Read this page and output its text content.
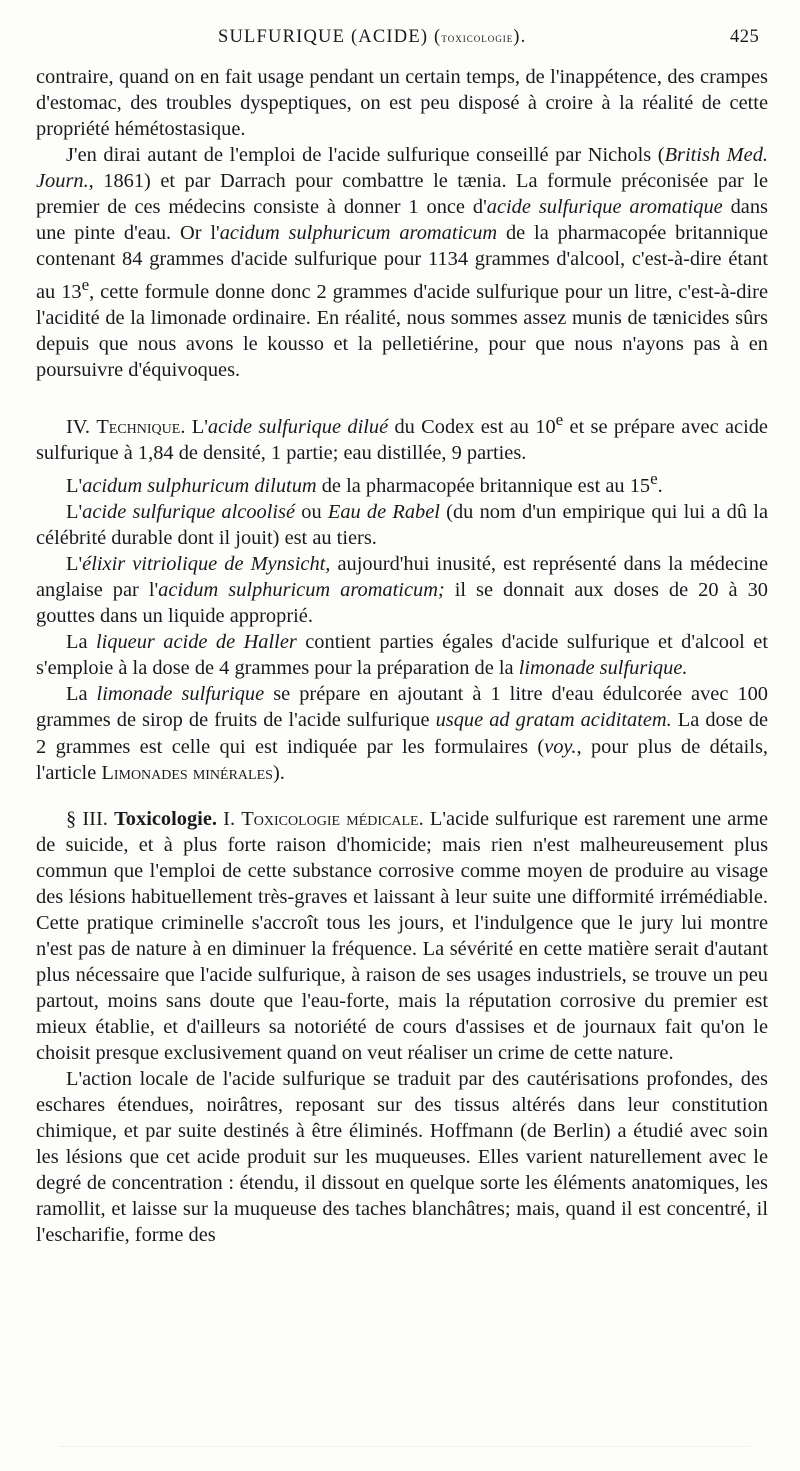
SULFURIQUE (ACIDE) (toxicologie).	425

contraire, quand on en fait usage pendant un certain temps, de l'inappétence, des crampes d'estomac, des troubles dyspeptiques, on est peu disposé à croire à la réalité de cette propriété hémétostasique.

J'en dirai autant de l'emploi de l'acide sulfurique conseillé par Nichols (British Med. Journ., 1861) et par Darrach pour combattre le tænia. La formule préconisée par le premier de ces médecins consiste à donner 1 once d'acide sulfurique aromatique dans une pinte d'eau. Or l'acidum sulphuricum aromaticum de la pharmacopée britannique contenant 84 grammes d'acide sulfurique pour 1134 grammes d'alcool, c'est-à-dire étant au 13e, cette formule donne donc 2 grammes d'acide sulfurique pour un litre, c'est-à-dire l'acidité de la limonade ordinaire. En réalité, nous sommes assez munis de tænicides sûrs depuis que nous avons le kousso et la pelletiérine, pour que nous n'ayons pas à en poursuivre d'équivoques.

IV. Technique. L'acide sulfurique dilué du Codex est au 10e et se prépare avec acide sulfurique à 1,84 de densité, 1 partie; eau distillée, 9 parties.

L'acidum sulphuricum dilutum de la pharmacopée britannique est au 15e.

L'acide sulfurique alcoolisé ou Eau de Rabel (du nom d'un empirique qui lui a dû la célébrité durable dont il jouit) est au tiers.

L'élixir vitriolique de Mynsicht, aujourd'hui inusité, est représenté dans la médecine anglaise par l'acidum sulphuricum aromaticum; il se donnait aux doses de 20 à 30 gouttes dans un liquide approprié.

La liqueur acide de Haller contient parties égales d'acide sulfurique et d'alcool et s'emploie à la dose de 4 grammes pour la préparation de la limonade sulfurique.

La limonade sulfurique se prépare en ajoutant à 1 litre d'eau édulcorée avec 100 grammes de sirop de fruits de l'acide sulfurique usque ad gratam aciditatem. La dose de 2 grammes est celle qui est indiquée par les formulaires (voy., pour plus de détails, l'article Limonades minérales).

§ III. Toxicologie. I. Toxicologie médicale. L'acide sulfurique est rarement une arme de suicide, et à plus forte raison d'homicide; mais rien n'est malheureusement plus commun que l'emploi de cette substance corrosive comme moyen de produire au visage des lésions habituellement très-graves et laissant à leur suite une difformité irrémédiable. Cette pratique criminelle s'accroît tous les jours, et l'indulgence que le jury lui montre n'est pas de nature à en diminuer la fréquence. La sévérité en cette matière serait d'autant plus nécessaire que l'acide sulfurique, à raison de ses usages industriels, se trouve un peu partout, moins sans doute que l'eau-forte, mais la réputation corrosive du premier est mieux établie, et d'ailleurs sa notoriété de cours d'assises et de journaux fait qu'on le choisit presque exclusivement quand on veut réaliser un crime de cette nature.

L'action locale de l'acide sulfurique se traduit par des cautérisations profondes, des eschares étendues, noirâtres, reposant sur des tissus altérés dans leur constitution chimique, et par suite destinés à être éliminés. Hoffmann (de Berlin) a étudié avec soin les lésions que cet acide produit sur les muqueuses. Elles varient naturellement avec le degré de concentration : étendu, il dissout en quelque sorte les éléments anatomiques, les ramollit, et laisse sur la muqueuse des taches blanchâtres; mais, quand il est concentré, il l'escharifie, forme des
